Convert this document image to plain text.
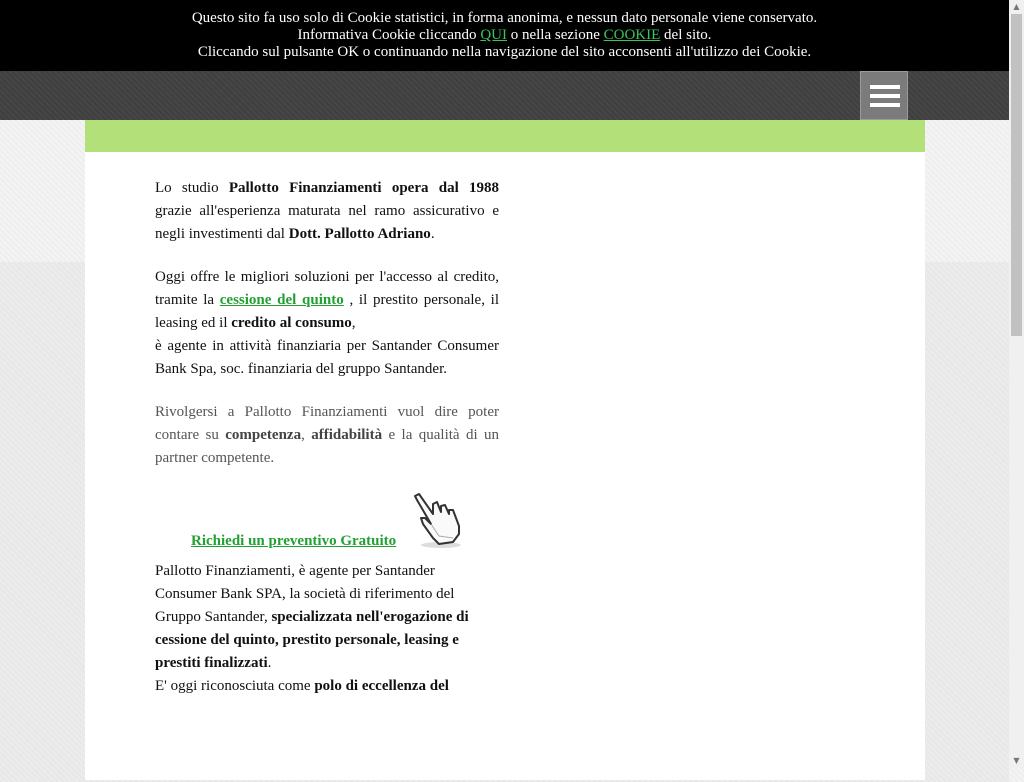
Questo sito fa uso solo di Cookie statistici, in forma anonima, e nessun dato personale viene conservato.
Informativa Cookie cliccando QUI o nella sezione COOKIE del sito.
Cliccando sul pulsante OK o continuando nella navigazione del sito acconsenti all'utilizzo dei Cookie.

Lo studio Pallotto Finanziamenti opera dal 1988 grazie all'esperienza maturata nel ramo assicurativo e negli investimenti dal Dott. Pallotto Adriano.

Oggi offre le migliori soluzioni per l'accesso al credito, tramite la cessione del quinto , il prestito personale, il leasing ed il credito al consumo,
è agente in attività finanziaria per Santander Consumer Bank Spa, soc. finanziaria del gruppo Santander.

Rivolgersi a Pallotto Finanziamenti vuol dire poter contare su competenza, affidabilità e la qualità di un partner competente.

Richiedi un preventivo Gratuito

Pallotto Finanziamenti, è agente per Santander Consumer Bank SPA, la società di riferimento del Gruppo Santander, specializzata nell'erogazione di cessione del quinto, prestito personale, leasing e prestiti finalizzati.
E' oggi riconosciuta come polo di eccellenza del

▲
▼
